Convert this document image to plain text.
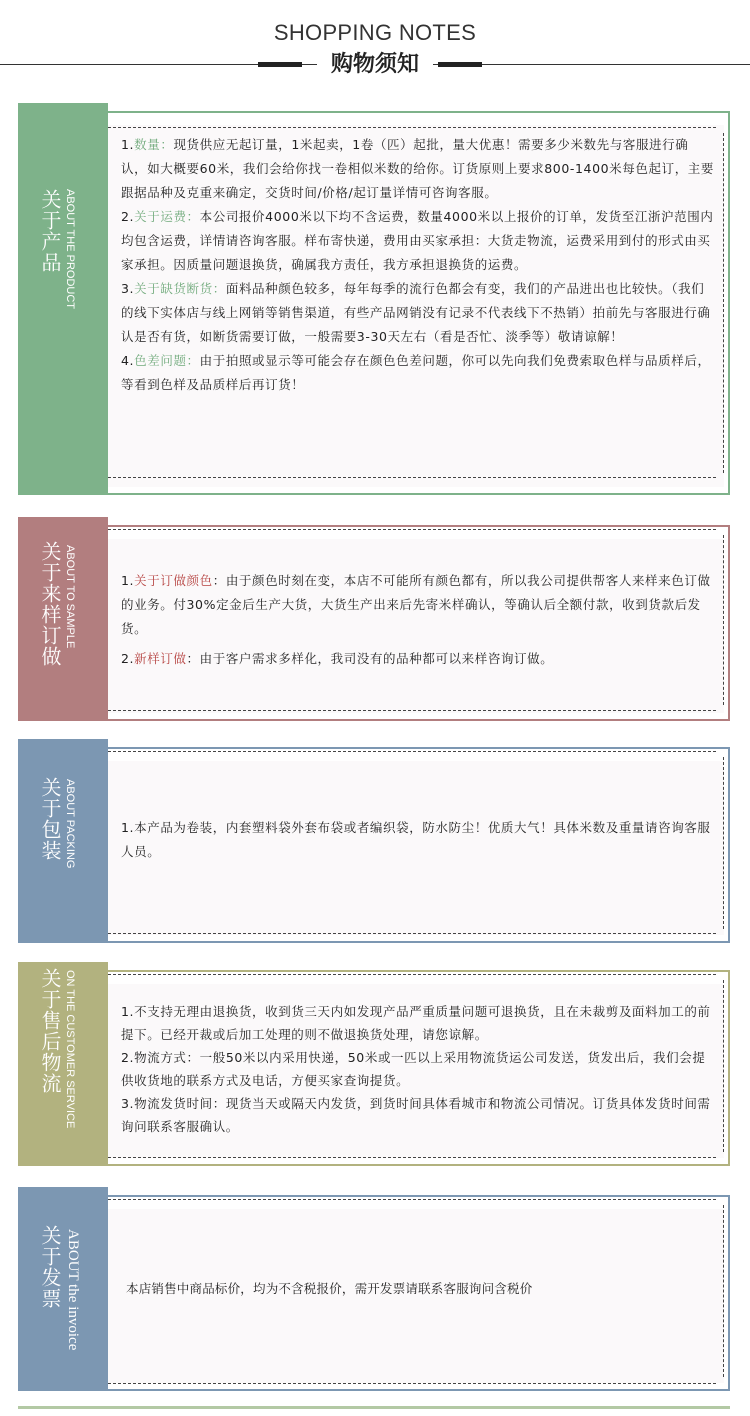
SHOPPING NOTES
购物须知
关于产品 ABOUT THE PRODUCT

1.数量：现货供应无起订量，1米起卖，1卷（匹）起批，量大优惠！需要多少米数先与客服进行确认，如大概要60米，我们会给你找一卷相似米数的给你。订货原则上要求800-1400米每色起订，主要跟据品种及克重来确定，交货时间/价格/起订量详情可咨询客服。

2.关于运费：本公司报价4000米以下均不含运费，数量4000米以上报价的订单，发货至江浙沪范围内均包含运费，详情请咨询客服。样布寄快递，费用由买家承担：大货走物流，运费采用到付的形式由买家承担。因质量问题退换货，确属我方责任，我方承担退换货的运费。

3.关于缺货断货：面料品种颜色较多，每年每季的流行色都会有变，我们的产品进出也比较快。（我们的线下实体店与线上网销等销售渠道，有些产品网销没有记录不代表线下不热销）拍前先与客服进行确认是否有货，如断货需要订做，一般需要3-30天左右（看是否忙、淡季等）敬请谅解！

4.色差问题：由于拍照或显示等可能会存在颜色色差问题，你可以先向我们免费索取色样与品质样后，等看到色样及品质样后再订货！

关于来样订做 ABOUT TO SAMPLE	1.关于订做颜色：由于颜色时刻在变，本店不可能所有颜色都有，所以我公司提供帮客人来样来色订做的业务。付30%定金后生产大货，大货生产出来后先寄米样确认，等确认后全额付款，收到货款后发货。

2.新样订做：由于客户需求多样化，我司没有的品种都可以来样咨询订做。

关于包装 ABOUT PACKING	1.本产品为卷装，内套塑料袋外套布袋或者编织袋，防水防尘！优质大气！具体米数及重量请咨询客服人员。

关于售后物流 ON THE CUSTOMER SERVICE	1.不支持无理由退换货，收到货三天内如发现产品严重质量问题可退换货，且在未裁剪及面料加工的前提下。已经开裁或后加工处理的则不做退换货处理，请您谅解。

2.物流方式：一般50米以内采用快递，50米或一匹以上采用物流货运公司发送，货发出后，我们会提供收货地的联系方式及电话，方便买家查询提货。

3.物流发货时间：现货当天或隔天内发货，到货时间具体看城市和物流公司情况。订货具体发货时间需询问联系客服确认。

关于发票 ABOUT the invoice	本店销售中商品标价，均为不含税报价，需开发票请联系客服询问含税价
